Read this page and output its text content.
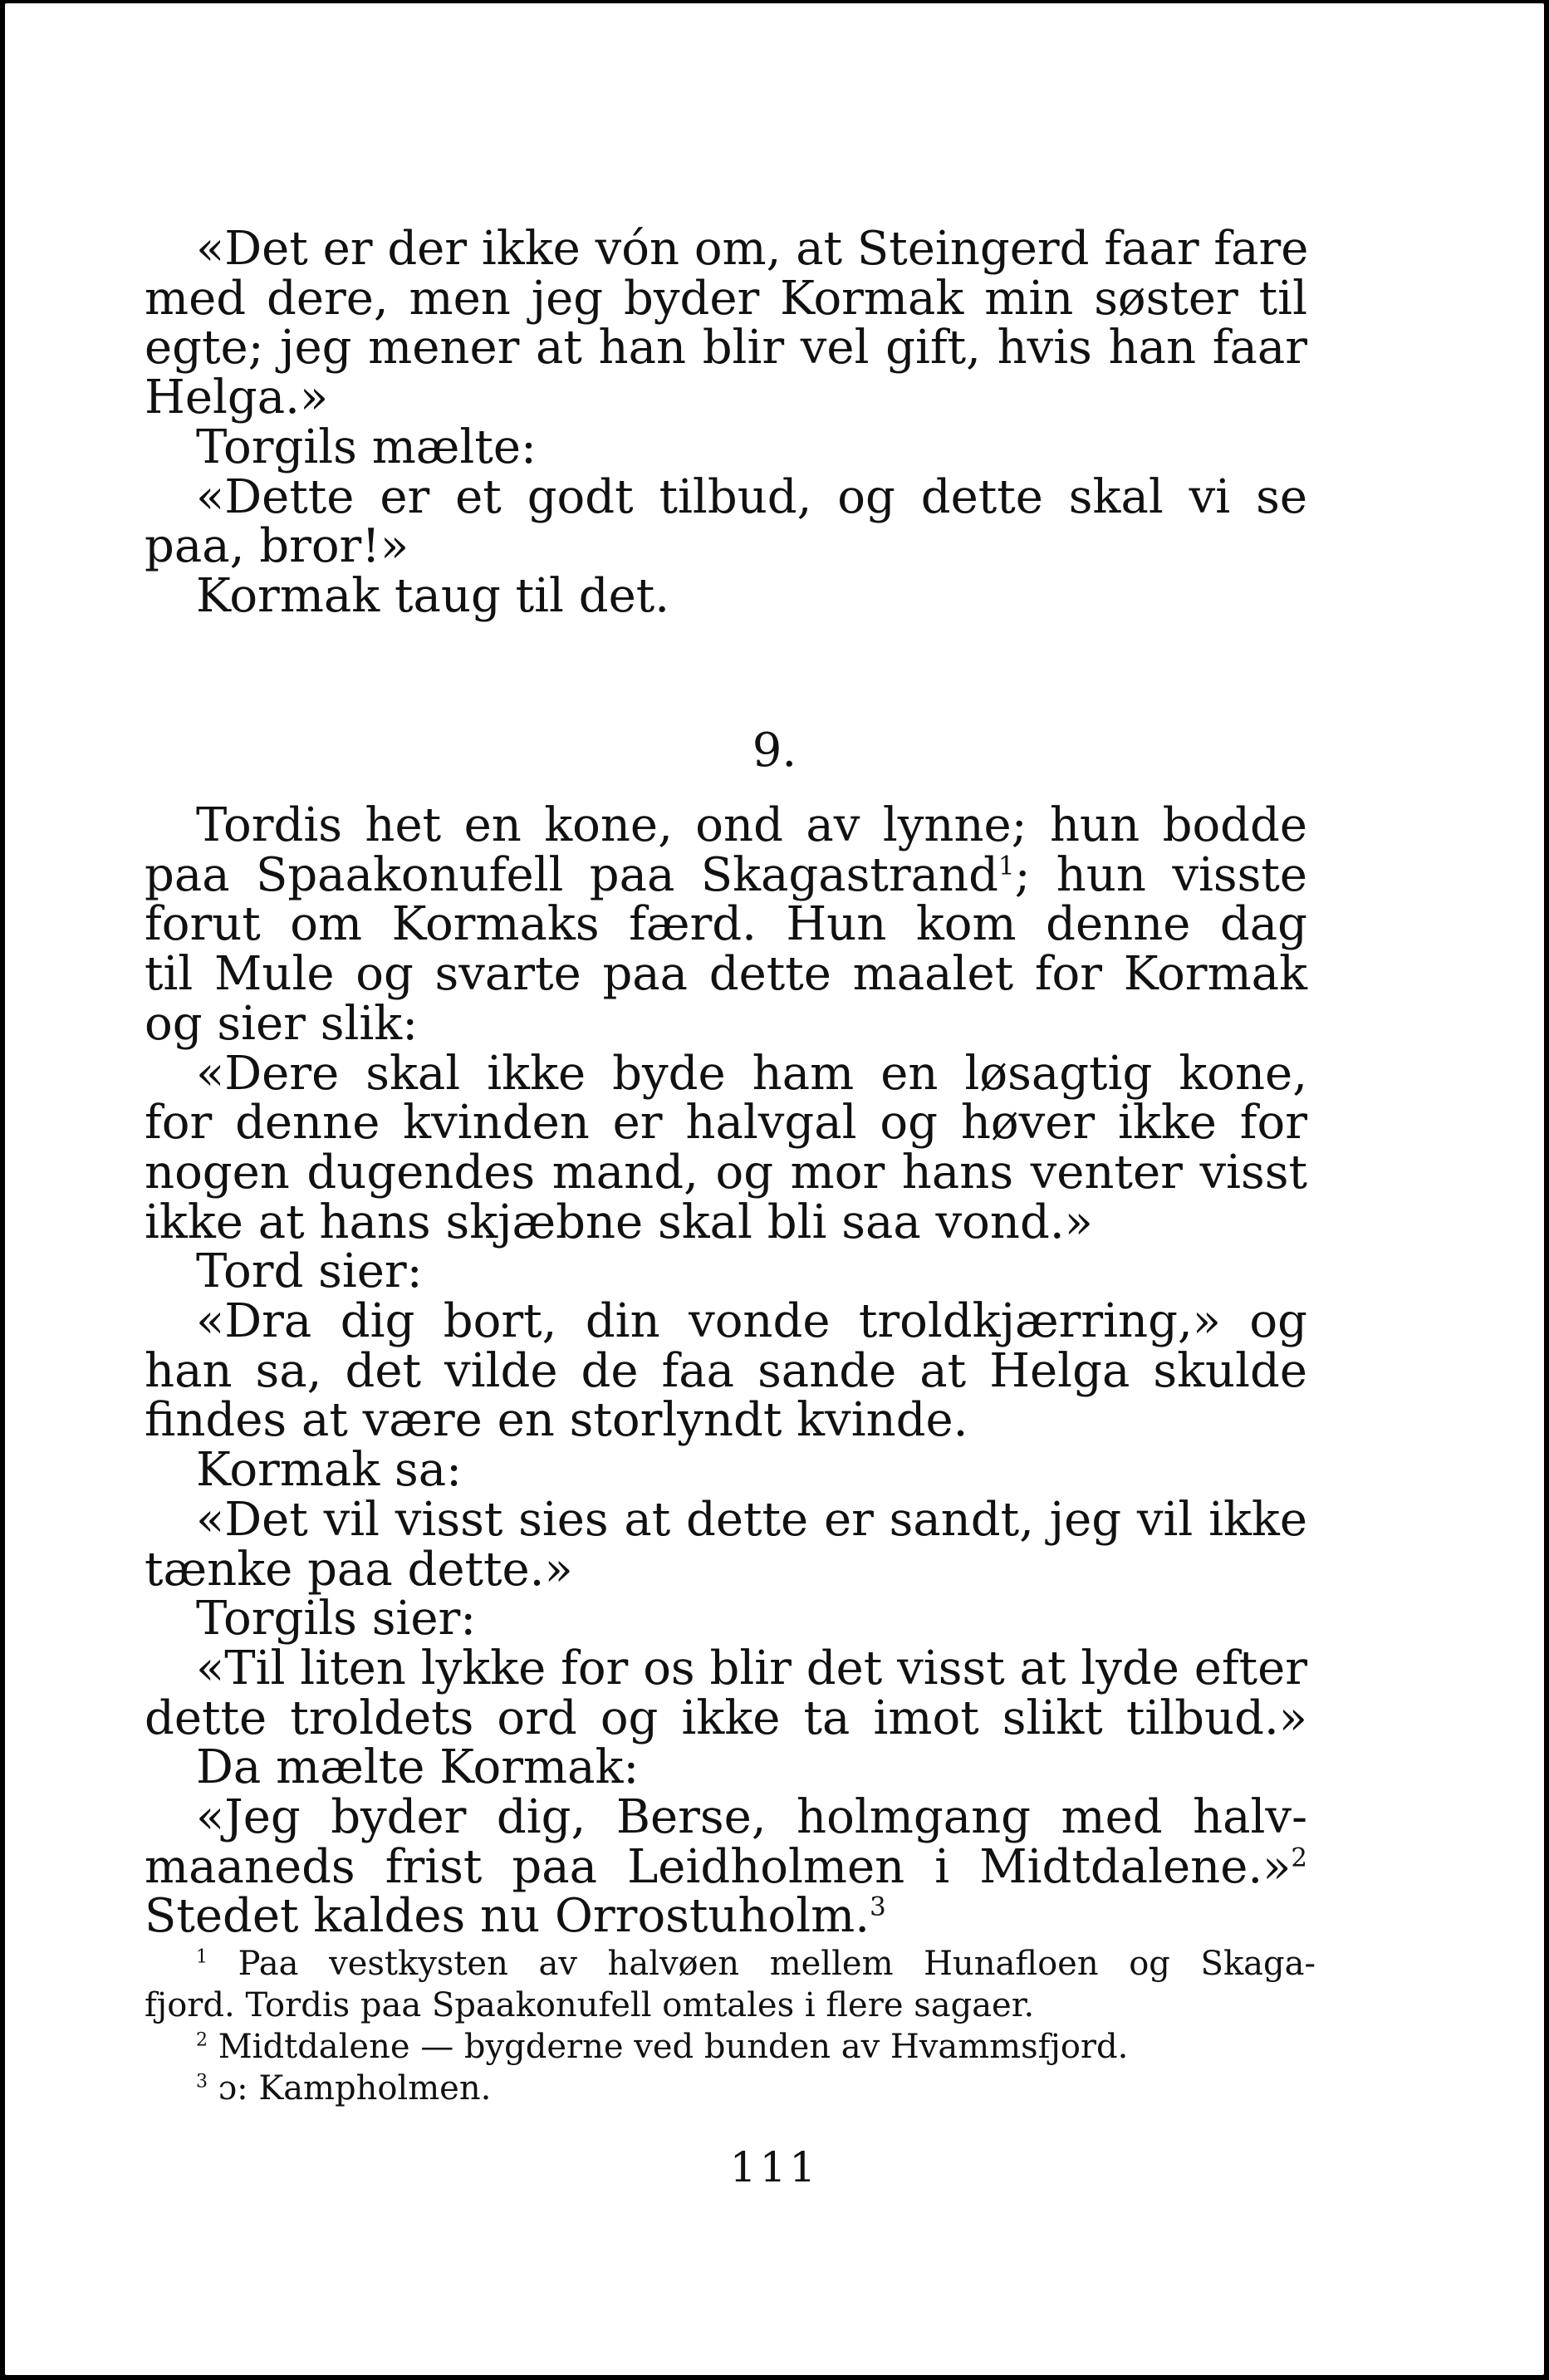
«Det er der ikke vón om, at Steingerd faar fare
med dere, men jeg byder Kormak min søster til
egte; jeg mener at han blir vel gift, hvis han faar
Helga.»
Torgils mælte:
«Dette er et godt tilbud, og dette skal vi se
paa, bror!»
Kormak taug til det.
9.
Tordis het en kone, ond av lynne; hun bodde
paa Spaakonufell paa Skagastrand$^1$; hun visste
forut om Kormaks færd. Hun kom denne dag
til Mule og svarte paa dette maalet for Kormak
og sier slik:
«Dere skal ikke byde ham en løsagtig kone,
for denne kvinden er halvgal og høver ikke for
nogen dugendes mand, og mor hans venter visst
ikke at hans skjæbne skal bli saa vond.»
Tord sier:
«Dra dig bort, din vonde troldkjærring,» og
han sa, det vilde de faa sande at Helga skulde
findes at være en storlyndt kvinde.
Kormak sa:
«Det vil visst sies at dette er sandt, jeg vil ikke
tænke paa dette.»
Torgils sier:
«Til liten lykke for os blir det visst at lyde efter
dette troldets ord og ikke ta imot slikt tilbud.»
Da mælte Kormak:
«Jeg byder dig, Berse, holmgang med halv-
maaneds frist paa Leidholmen i Midtdalene.»$^2$
Stedet kaldes nu Orrostuholm.$^3$
$^1$ Paa vestkysten av halvøen mellem Hunafloen og Skaga-
fjord. Tordis paa Spaakonufell omtales i flere sagaer.
$^2$ Midtdalene — bygderne ved bunden av Hvammsfjord.
$^3$ ɔ: Kampholmen.
111
